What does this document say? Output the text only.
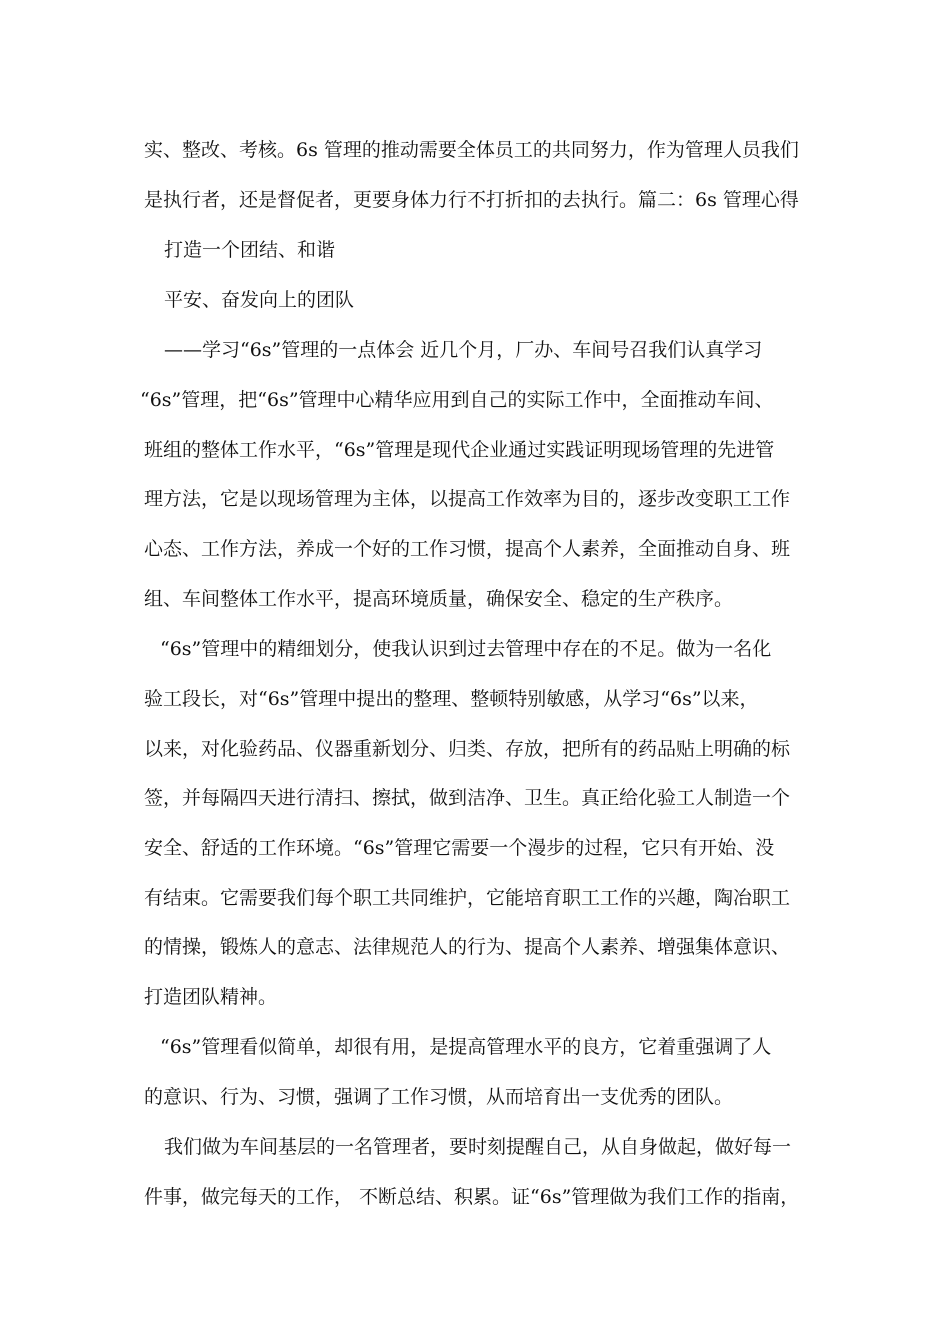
实、整改、考核。6s 管理的推动需要全体员工的共同努力，作为管理人员我们
是执行者，还是督促者，更要身体力行不打折扣的去执行。篇二：6s 管理心得
打造一个团结、和谐
平安、奋发向上的团队
——学习“6s”管理的一点体会 近几个月，厂办、车间号召我们认真学习
“6s”管理，把“6s”管理中心精华应用到自己的实际工作中，全面推动车间、
班组的整体工作水平，“6s”管理是现代企业通过实践证明现场管理的先进管
理方法，它是以现场管理为主体，以提高工作效率为目的，逐步改变职工工作
心态、工作方法，养成一个好的工作习惯，提高个人素养，全面推动自身、班
组、车间整体工作水平，提高环境质量，确保安全、稳定的生产秩序。
“6s”管理中的精细划分，使我认识到过去管理中存在的不足。做为一名化
验工段长，对“6s”管理中提出的整理、整顿特别敏感，从学习“6s”以来，
以来，对化验药品、仪器重新划分、归类、存放，把所有的药品贴上明确的标
签，并每隔四天进行清扫、擦拭，做到洁净、卫生。真正给化验工人制造一个
安全、舒适的工作环境。“6s”管理它需要一个漫步的过程，它只有开始、没
有结束。它需要我们每个职工共同维护，它能培育职工工作的兴趣，陶冶职工
的情操，锻炼人的意志、法律规范人的行为、提高个人素养、增强集体意识、
打造团队精神。
“6s”管理看似简单，却很有用，是提高管理水平的良方，它着重强调了人
的意识、行为、习惯，强调了工作习惯，从而培育出一支优秀的团队。
我们做为车间基层的一名管理者，要时刻提醒自己，从自身做起，做好每一
件事，做完每天的工作， 不断总结、积累。证“6s”管理做为我们工作的指南，
